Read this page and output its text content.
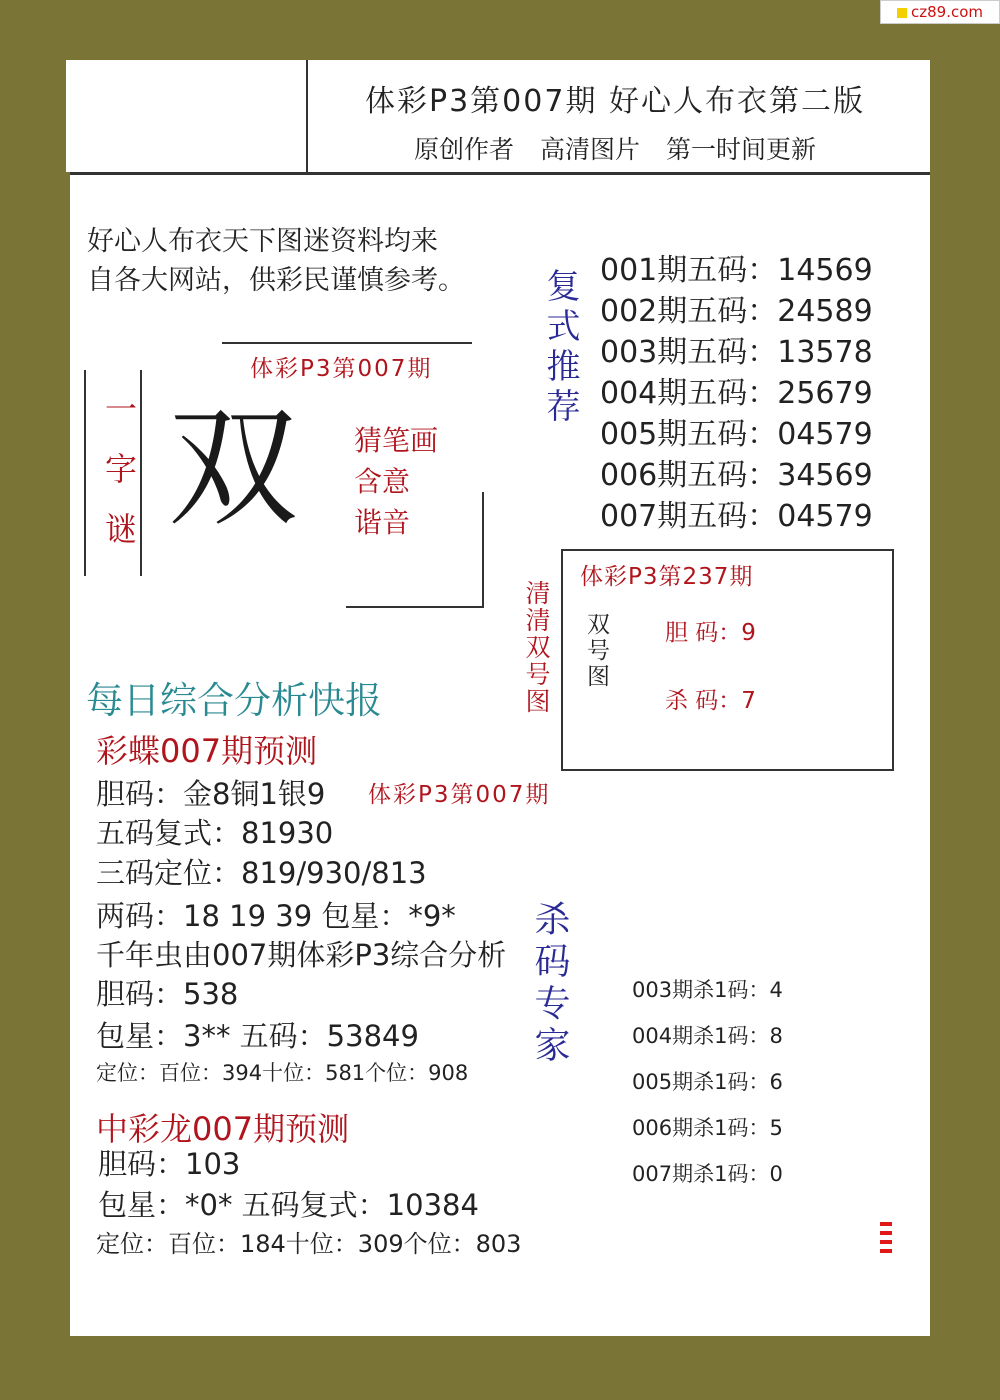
cz89.com
体彩P3第007期 好心人布衣第二版
原创作者 高清图片 第一时间更新
好心人布衣天下图迷资料均来
自各大网站，供彩民谨慎参考。
体彩P3第007期
一字谜 双 猜笔画
含意
谐音
复式推荐 001期五码：14569
002期五码：24589
003期五码：13578
004期五码：25679
005期五码：04579
006期五码：34569
007期五码：04579
体彩P3第237期
双号图 胆 码：9
杀 码：7
清清双号图
每日综合分析快报
彩蝶007期预测
胆码：金8铜1银9 体彩P3第007期
五码复式：81930
三码定位：819/930/813
两码：18 19 39 包星：*9*
千年虫由007期体彩P3综合分析
胆码：538
包星：3** 五码：53849
定位：百位：394十位：581个位：908
中彩龙007期预测
胆码：103
包星：*0* 五码复式：10384
定位：百位：184十位：309个位：803
杀码专家	003期杀1码：4
004期杀1码：8
005期杀1码：6
006期杀1码：5
007期杀1码：0
